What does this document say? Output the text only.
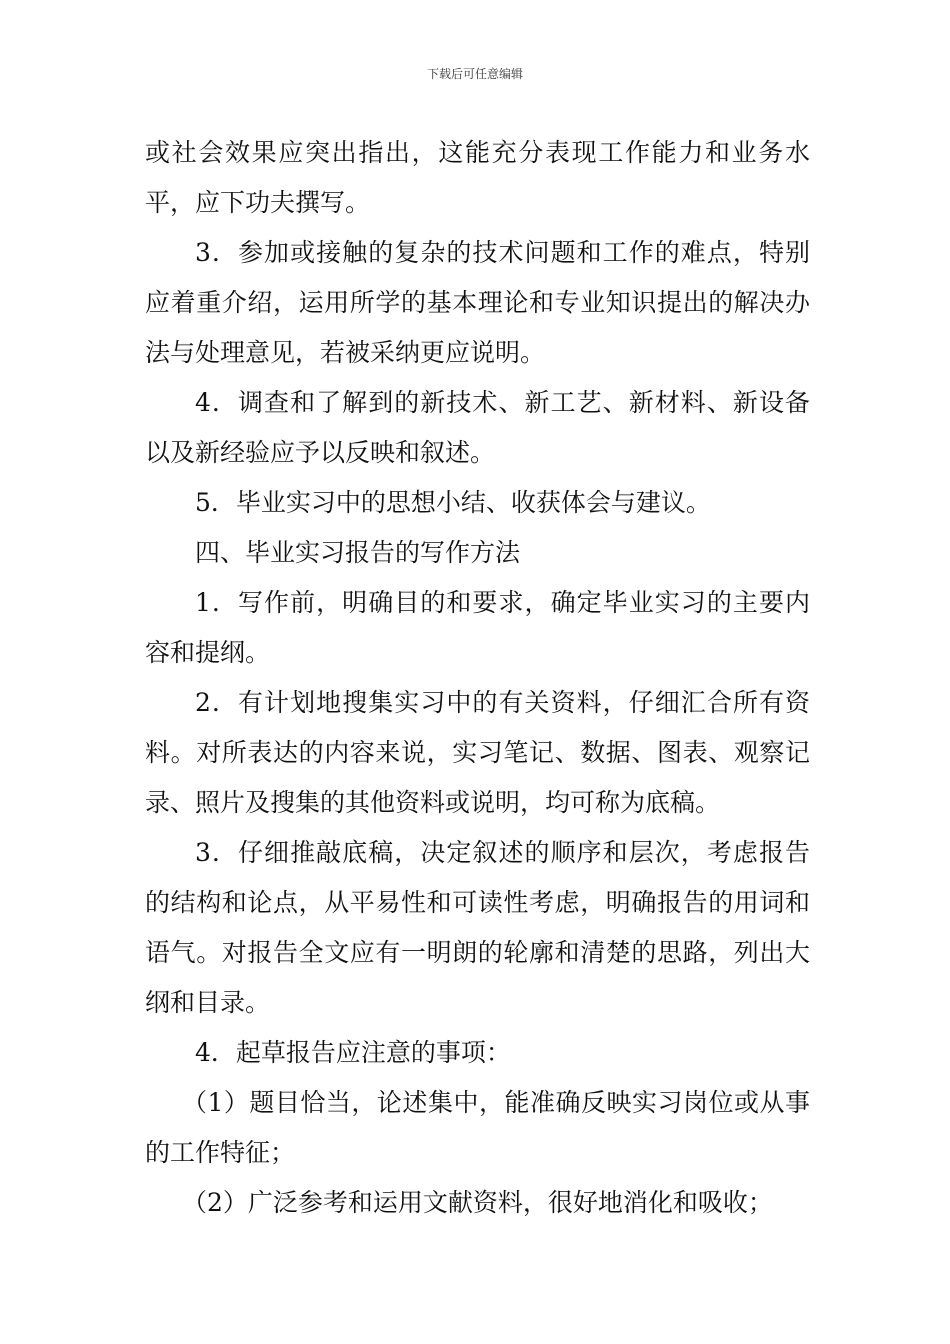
下载后可任意编辑

或社会效果应突出指出，这能充分表现工作能力和业务水平，应下功夫撰写。

3．参加或接触的复杂的技术问题和工作的难点，特别应着重介绍，运用所学的基本理论和专业知识提出的解决办法与处理意见，若被采纳更应说明。

4．调查和了解到的新技术、新工艺、新材料、新设备以及新经验应予以反映和叙述。

5．毕业实习中的思想小结、收获体会与建议。

四、毕业实习报告的写作方法

1．写作前，明确目的和要求，确定毕业实习的主要内容和提纲。

2．有计划地搜集实习中的有关资料，仔细汇合所有资料。对所表达的内容来说，实习笔记、数据、图表、观察记录、照片及搜集的其他资料或说明，均可称为底稿。

3．仔细推敲底稿，决定叙述的顺序和层次，考虑报告的结构和论点，从平易性和可读性考虑，明确报告的用词和语气。对报告全文应有一明朗的轮廓和清楚的思路，列出大纲和目录。

4．起草报告应注意的事项：

（1）题目恰当，论述集中，能准确反映实习岗位或从事的工作特征；

（2）广泛参考和运用文献资料，很好地消化和吸收；
